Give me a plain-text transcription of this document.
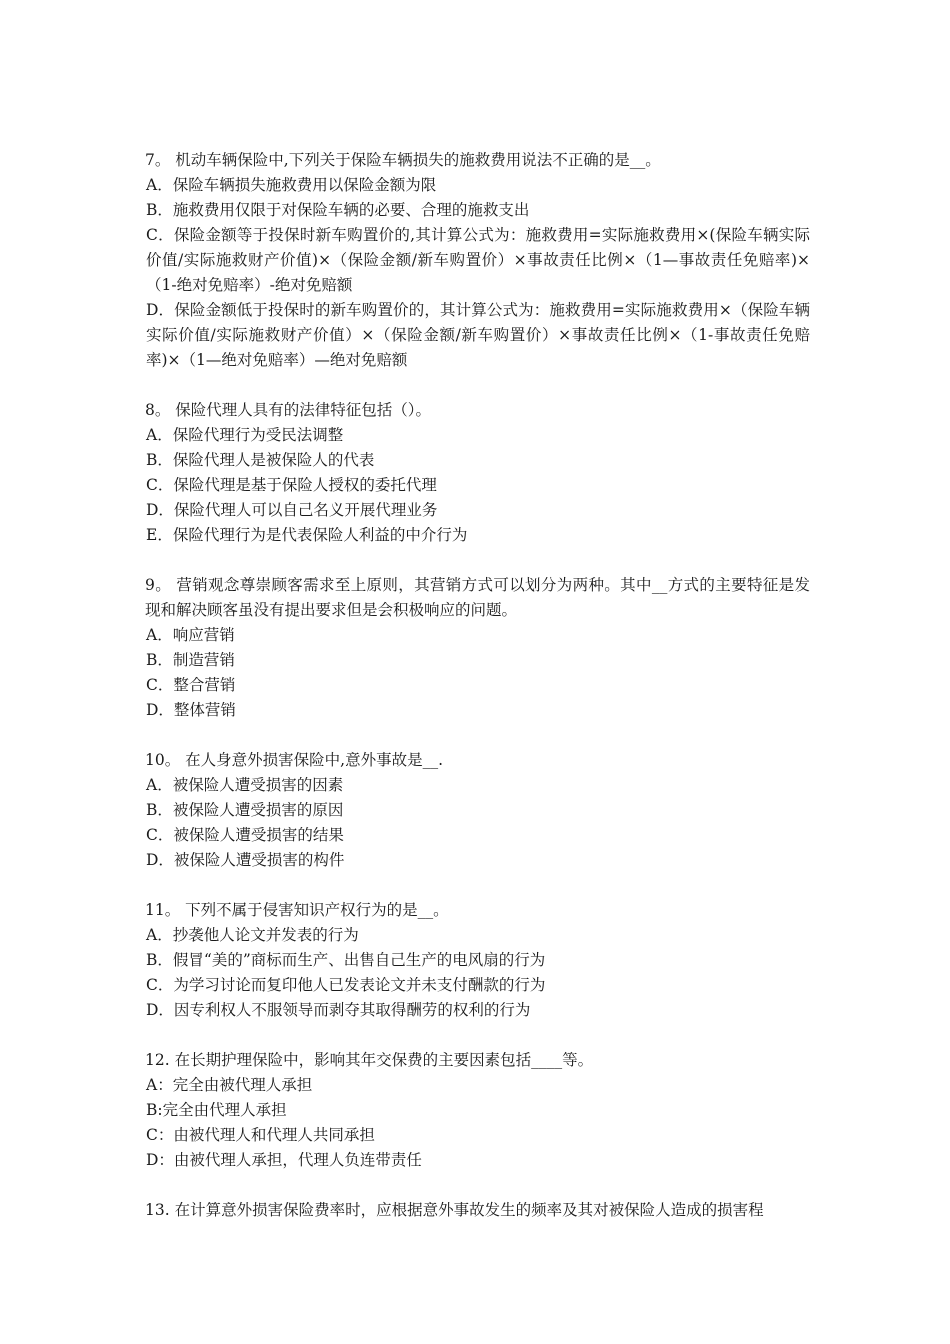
7。 机动车辆保险中,下列关于保险车辆损失的施救费用说法不正确的是__。

A．保险车辆损失施救费用以保险金额为限

B．施救费用仅限于对保险车辆的必要、合理的施救支出

C．保险金额等于投保时新车购置价的,其计算公式为：施救费用=实际施救费用×(保险车辆实际价值/实际施救财产价值)×（保险金额/新车购置价）×事故责任比例×（1—事故责任免赔率)×（1-绝对免赔率）-绝对免赔额

D．保险金额低于投保时的新车购置价的，其计算公式为：施救费用=实际施救费用×（保险车辆实际价值/实际施救财产价值）×（保险金额/新车购置价）×事故责任比例×（1-事故责任免赔率)×（1—绝对免赔率）—绝对免赔额

8。 保险代理人具有的法律特征包括（）。

A．保险代理行为受民法调整

B．保险代理人是被保险人的代表

C．保险代理是基于保险人授权的委托代理

D．保险代理人可以自己名义开展代理业务

E．保险代理行为是代表保险人利益的中介行为

9。 营销观念尊崇顾客需求至上原则，其营销方式可以划分为两种。其中__方式的主要特征是发现和解决顾客虽没有提出要求但是会积极响应的问题。

A．响应营销

B．制造营销

C．整合营销

D．整体营销

10。 在人身意外损害保险中,意外事故是__.

A．被保险人遭受损害的因素

B．被保险人遭受损害的原因

C．被保险人遭受损害的结果

D．被保险人遭受损害的构件

11。 下列不属于侵害知识产权行为的是__。

A．抄袭他人论文并发表的行为

B．假冒“美的”商标而生产、出售自己生产的电风扇的行为

C．为学习讨论而复印他人已发表论文并未支付酬款的行为

D．因专利权人不服领导而剥夺其取得酬劳的权利的行为

12. 在长期护理保险中，影响其年交保费的主要因素包括____等。

A：完全由被代理人承担

B:完全由代理人承担

C：由被代理人和代理人共同承担

D：由被代理人承担，代理人负连带责任

13. 在计算意外损害保险费率时，应根据意外事故发生的频率及其对被保险人造成的损害程
